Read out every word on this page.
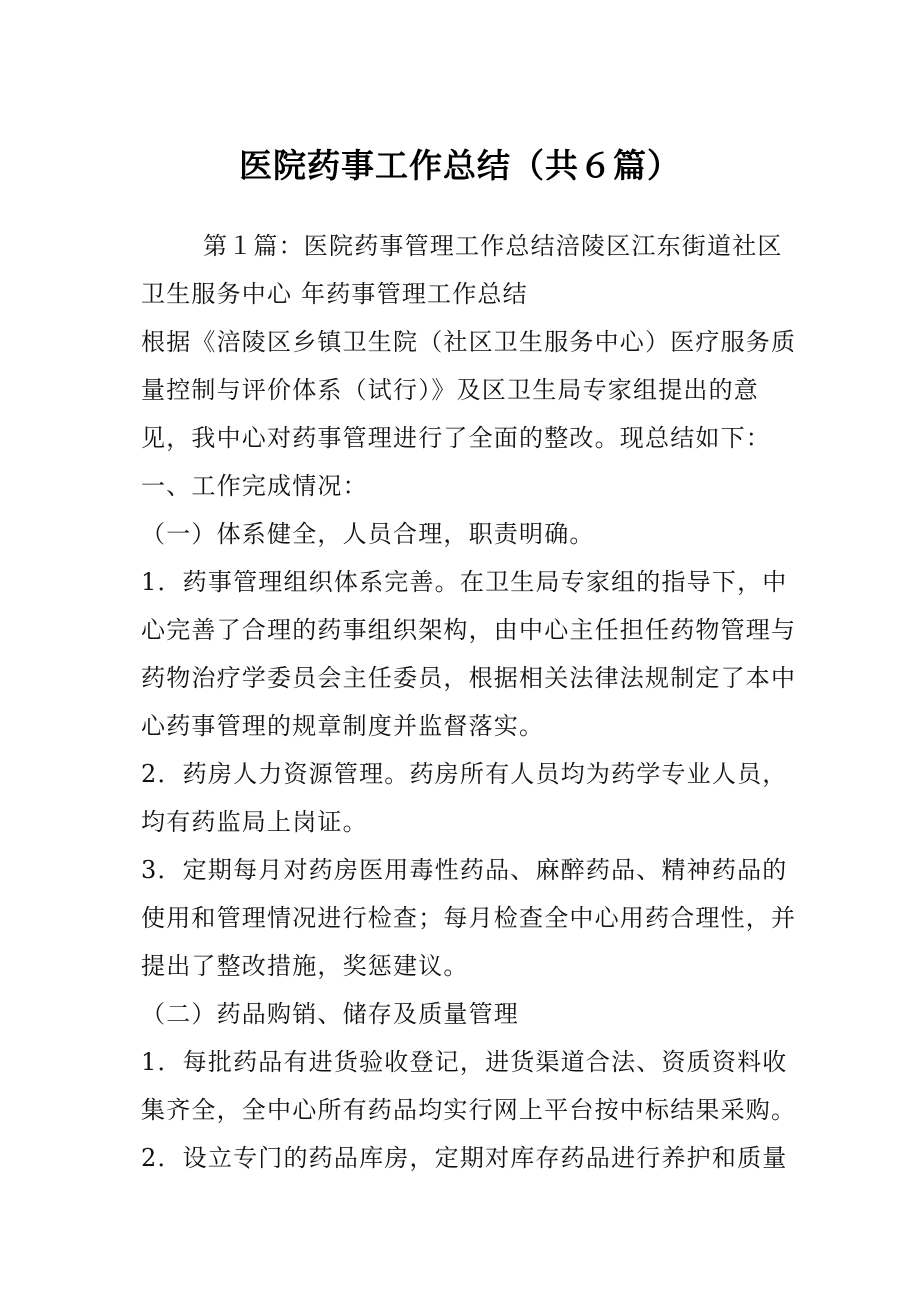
医院药事工作总结（共６篇）

第１篇：医院药事管理工作总结涪陵区江东街道社区卫生服务中心 年药事管理工作总结

根据《涪陵区乡镇卫生院（社区卫生服务中心）医疗服务质量控制与评价体系（试行）》及区卫生局专家组提出的意见，我中心对药事管理进行了全面的整改。现总结如下：

一、工作完成情况：

（一）体系健全，人员合理，职责明确。

1．药事管理组织体系完善。在卫生局专家组的指导下，中心完善了合理的药事组织架构，由中心主任担任药物管理与药物治疗学委员会主任委员，根据相关法律法规制定了本中心药事管理的规章制度并监督落实。

2．药房人力资源管理。药房所有人员均为药学专业人员，均有药监局上岗证。

3．定期每月对药房医用毒性药品、麻醉药品、精神药品的使用和管理情况进行检查；每月检查全中心用药合理性，并提出了整改措施，奖惩建议。

（二）药品购销、储存及质量管理

1．每批药品有进货验收登记，进货渠道合法、资质资料收集齐全，全中心所有药品均实行网上平台按中标结果采购。

2．设立专门的药品库房，定期对库存药品进行养护和质量
